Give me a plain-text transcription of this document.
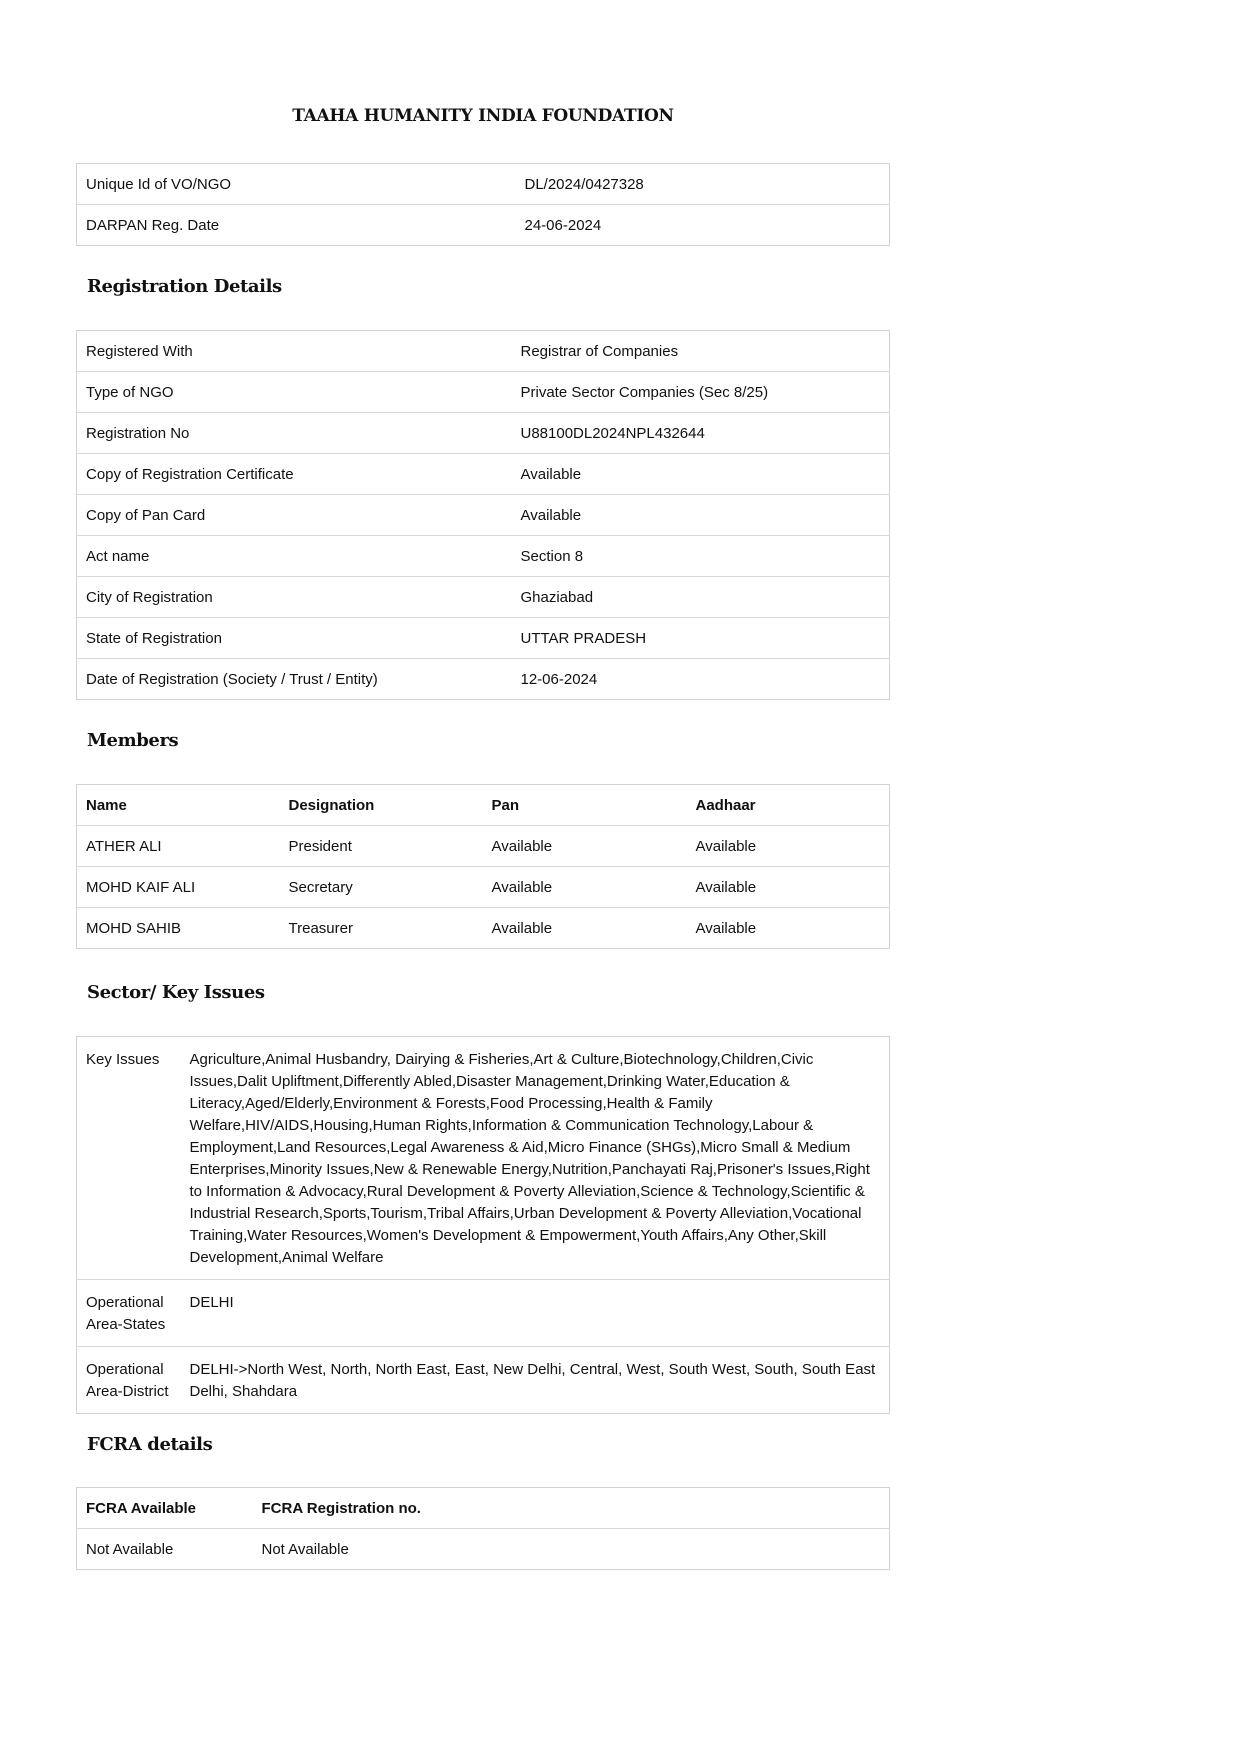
TAAHA HUMANITY INDIA FOUNDATION
Unique Id of VO/NGO	DL/2024/0427328
DARPAN Reg. Date	24-06-2024
Registration Details
Registered With	Registrar of Companies
Type of NGO	Private Sector Companies (Sec 8/25)
Registration No	U88100DL2024NPL432644
Copy of Registration Certificate	Available
Copy of Pan Card	Available
Act name	Section 8
City of Registration	Ghaziabad
State of Registration	UTTAR PRADESH
Date of Registration (Society / Trust / Entity)	12-06-2024
Members
Name	Designation	Pan	Aadhaar
ATHER ALI	President	Available	Available
MOHD KAIF ALI	Secretary	Available	Available
MOHD SAHIB	Treasurer	Available	Available
Sector/ Key Issues
Key Issues	Agriculture,Animal Husbandry, Dairying & Fisheries,Art & Culture,Biotechnology,Children,Civic Issues,Dalit Upliftment,Differently Abled,Disaster Management,Drinking Water,Education & Literacy,Aged/Elderly,Environment & Forests,Food Processing,Health & Family Welfare,HIV/AIDS,Housing,Human Rights,Information & Communication Technology,Labour & Employment,Land Resources,Legal Awareness & Aid,Micro Finance (SHGs),Micro Small & Medium Enterprises,Minority Issues,New & Renewable Energy,Nutrition,Panchayati Raj,Prisoner's Issues,Right to Information & Advocacy,Rural Development & Poverty Alleviation,Science & Technology,Scientific & Industrial Research,Sports,Tourism,Tribal Affairs,Urban Development & Poverty Alleviation,Vocational Training,Water Resources,Women's Development & Empowerment,Youth Affairs,Any Other,Skill Development,Animal Welfare
Operational Area-States	DELHI
Operational Area-District	DELHI->North West, North, North East, East, New Delhi, Central, West, South West, South, South East Delhi, Shahdara
FCRA details
FCRA Available	FCRA Registration no.
Not Available	Not Available
